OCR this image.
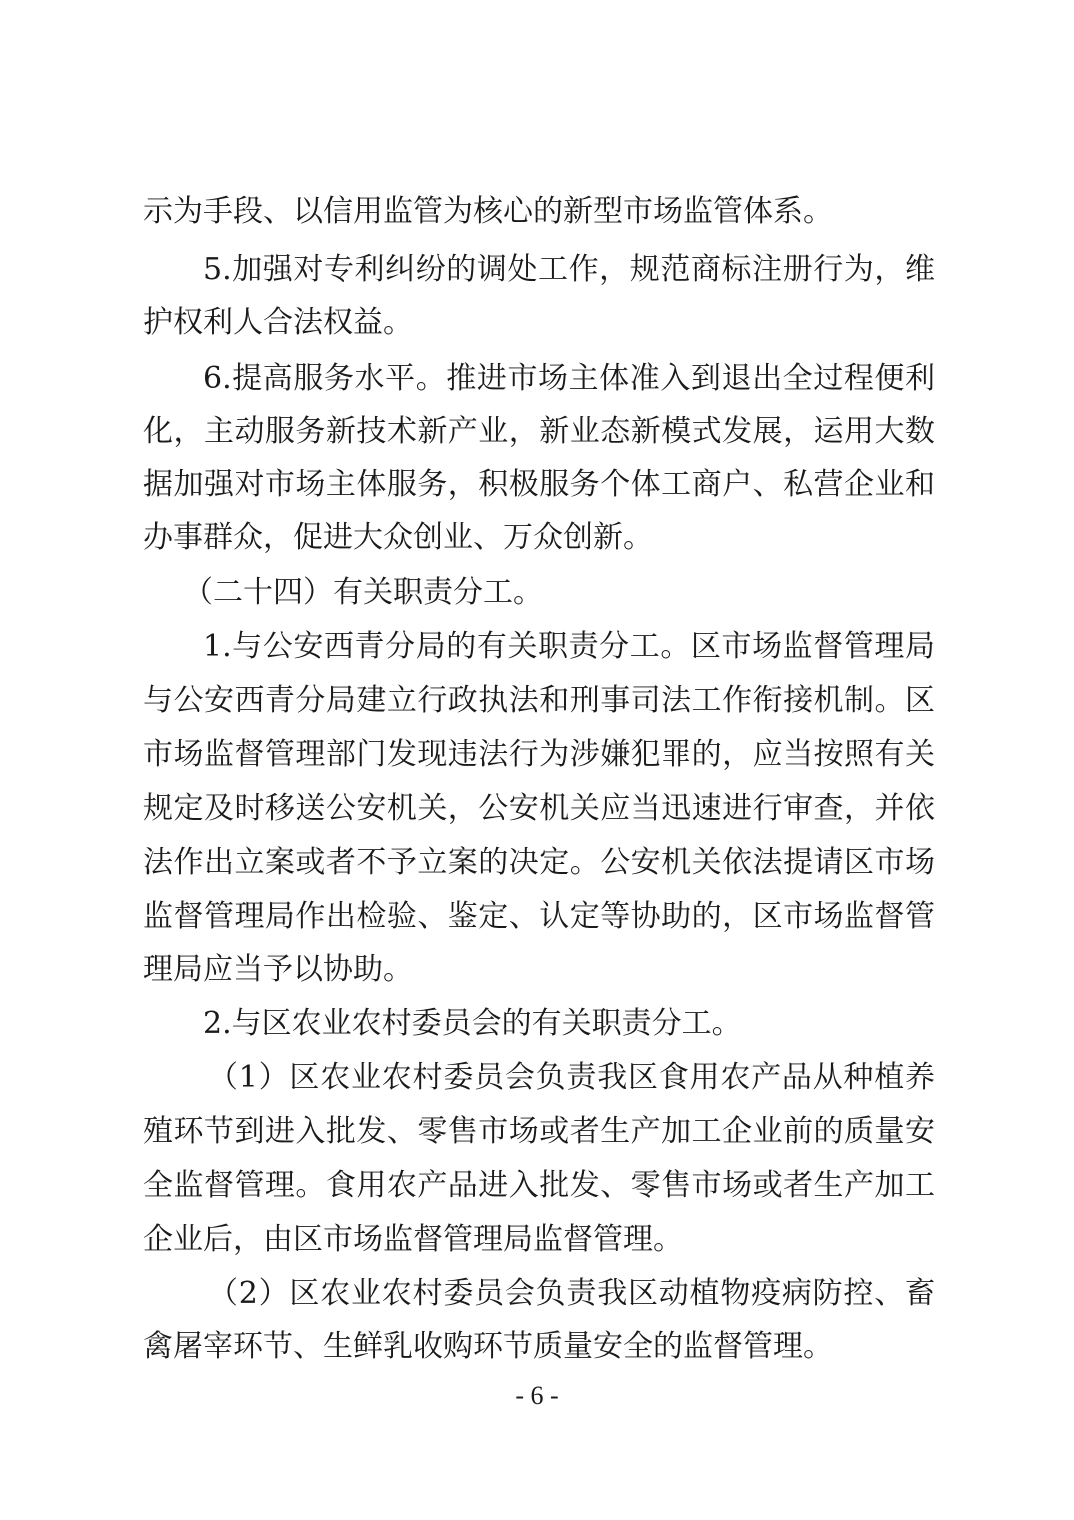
示为手段、以信用监管为核心的新型市场监管体系。
5.加强对专利纠纷的调处工作，规范商标注册行为，维
护权利人合法权益。
6.提高服务水平。推进市场主体准入到退出全过程便利
化，主动服务新技术新产业，新业态新模式发展，运用大数
据加强对市场主体服务，积极服务个体工商户、私营企业和
办事群众，促进大众创业、万众创新。
（二十四）有关职责分工。
1.与公安西青分局的有关职责分工。区市场监督管理局
与公安西青分局建立行政执法和刑事司法工作衔接机制。区
市场监督管理部门发现违法行为涉嫌犯罪的，应当按照有关
规定及时移送公安机关，公安机关应当迅速进行审查，并依
法作出立案或者不予立案的决定。公安机关依法提请区市场
监督管理局作出检验、鉴定、认定等协助的，区市场监督管
理局应当予以协助。
2.与区农业农村委员会的有关职责分工。
（1）区农业农村委员会负责我区食用农产品从种植养
殖环节到进入批发、零售市场或者生产加工企业前的质量安
全监督管理。食用农产品进入批发、零售市场或者生产加工
企业后，由区市场监督管理局监督管理。
（2）区农业农村委员会负责我区动植物疫病防控、畜
禽屠宰环节、生鲜乳收购环节质量安全的监督管理。
- 6 -
